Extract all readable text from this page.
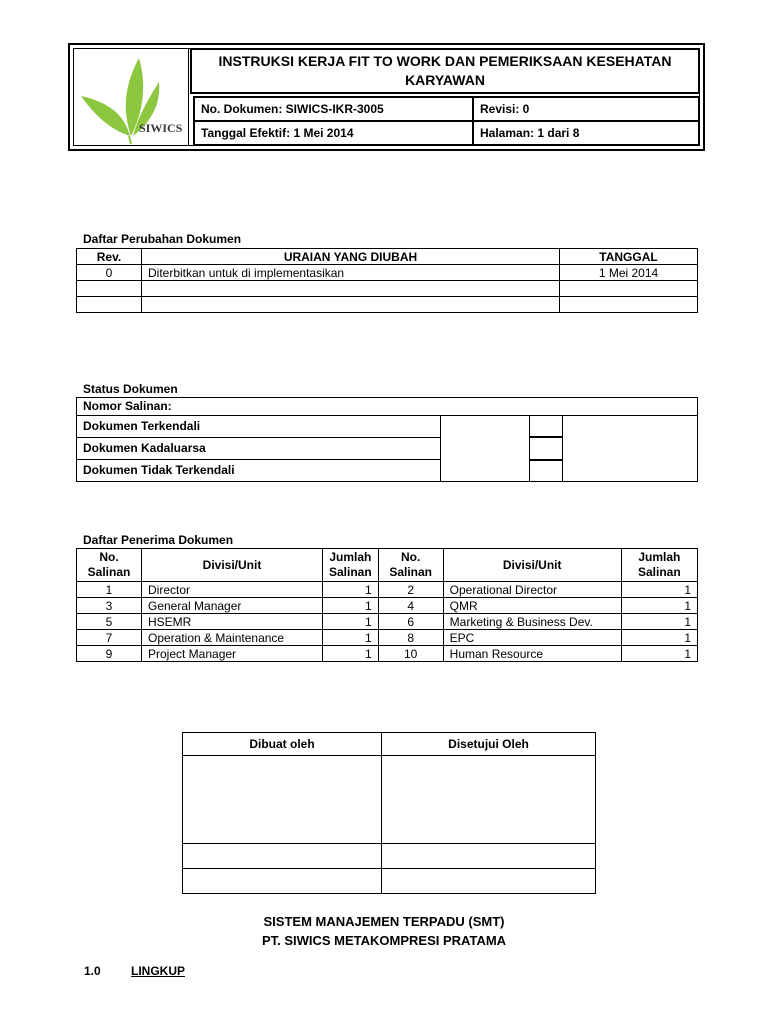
SIWICS
INSTRUKSI KERJA FIT TO WORK DAN PEMERIKSAAN KESEHATAN KARYAWAN
No. Dokumen: SIWICS-IKR-3005	Revisi: 0
Tanggal Efektif: 1 Mei 2014	Halaman: 1 dari 8
Daftar Perubahan Dokumen
Rev.	URAIAN YANG DIUBAH	TANGGAL
0	Diterbitkan untuk di implementasikan	1 Mei 2014

Status Dokumen
Nomor Salinan:
Dokumen Terkendali
Dokumen Kadaluarsa
Dokumen Tidak Terkendali
Daftar Penerima Dokumen
No. Salinan	Divisi/Unit	Jumlah Salinan	No. Salinan	Divisi/Unit	Jumlah Salinan
1	Director	1	2	Operational Director	1
3	General Manager	1	4	QMR	1
5	HSEMR	1	6	Marketing & Business Dev.	1
7	Operation & Maintenance	1	8	EPC	1
9	Project Manager	1	10	Human Resource	1
Dibuat oleh	Disetujui Oleh

SISTEM MANAJEMEN TERPADU (SMT)
PT. SIWICS METAKOMPRESI PRATAMA
1.0	LINGKUP
